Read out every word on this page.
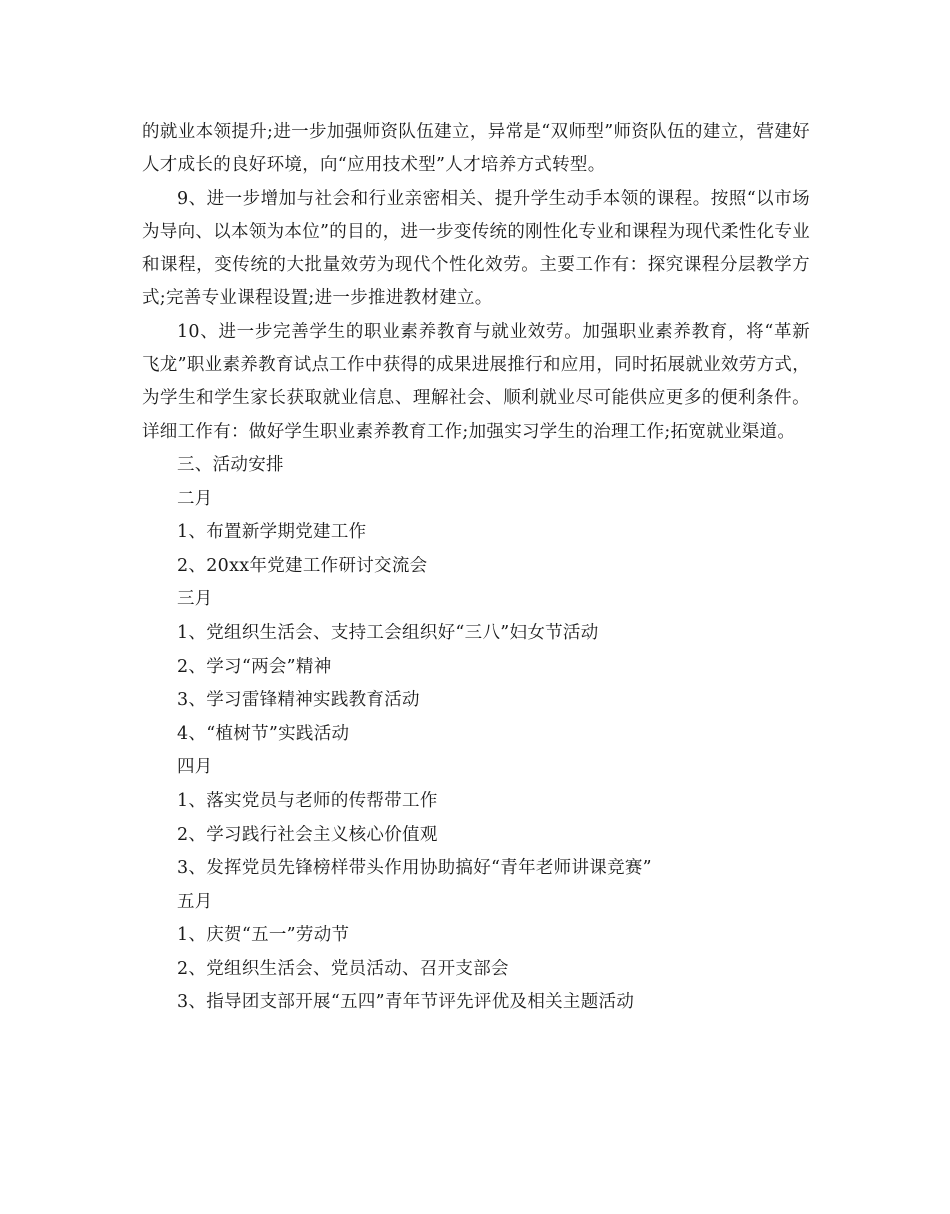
的就业本领提升;进一步加强师资队伍建立，异常是“双师型”师资队伍的建立，营建好人才成长的良好环境，向“应用技术型”人才培养方式转型。

9、进一步增加与社会和行业亲密相关、提升学生动手本领的课程。按照“以市场为导向、以本领为本位”的目的，进一步变传统的刚性化专业和课程为现代柔性化专业和课程，变传统的大批量效劳为现代个性化效劳。主要工作有：探究课程分层教学方式;完善专业课程设置;进一步推进教材建立。

10、进一步完善学生的职业素养教育与就业效劳。加强职业素养教育，将“革新飞龙”职业素养教育试点工作中获得的成果进展推行和应用，同时拓展就业效劳方式，为学生和学生家长获取就业信息、理解社会、顺利就业尽可能供应更多的便利条件。详细工作有：做好学生职业素养教育工作;加强实习学生的治理工作;拓宽就业渠道。

三、活动安排

二月

1、布置新学期党建工作

2、20xx年党建工作研讨交流会

三月

1、党组织生活会、支持工会组织好“三八”妇女节活动

2、学习“两会”精神

3、学习雷锋精神实践教育活动

4、“植树节”实践活动

四月

1、落实党员与老师的传帮带工作

2、学习践行社会主义核心价值观

3、发挥党员先锋榜样带头作用协助搞好“青年老师讲课竞赛”

五月

1、庆贺“五一”劳动节

2、党组织生活会、党员活动、召开支部会

3、指导团支部开展“五四”青年节评先评优及相关主题活动
